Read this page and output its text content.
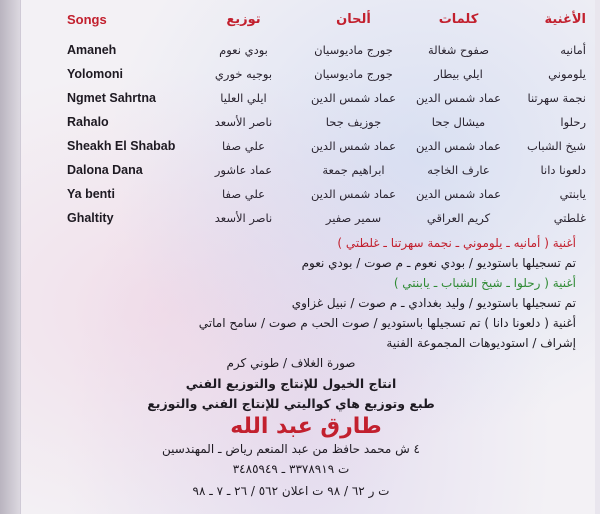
Songs	توزيع	ألحان	كلمات	الأغنية
Amaneh	بودي نعوم	جورج ماديوسيان	صفوح شغالة	أمانيه
Yolomoni	بوجيه خوري	جورج ماديوسيان	ايلي بيطار	يلوموني
Ngmet Sahrtna	ايلي العليا	عماد شمس الدين	عماد شمس الدين	نجمة سهرتنا
Rahalo	ناصر الأسعد	جوزيف جحا	ميشال جحا	رحلوا
Sheakh El Shabab	علي صفا	عماد شمس الدين	عماد شمس الدين	شيخ الشباب
Dalona Dana	عماد عاشور	ابراهيم جمعة	عارف الخاجه	دلعونا دانا
Ya benti	علي صفا	عماد شمس الدين	عماد شمس الدين	يابنتي
Ghaltity	ناصر الأسعد	سمير صفير	كريم العراقي	غلطتي
أغنية ( أمانيه ـ يلوموني ـ نجمة سهرتنا ـ غلطتي )
تم تسجيلها باستوديو / بودي نعوم ـ م صوت / بودي نعوم
أغنية ( رحلوا ـ شيخ الشباب ـ يابنتي )
تم تسجيلها باستوديو / وليد بغدادي ـ م صوت / نبيل غزاوي
أغنية ( دلعونا دانا ) تم تسجيلها باستوديو / صوت الحب م صوت / سامح اماتي
إشراف / استوديوهات المجموعة الفنية
صورة الغلاف / طوني كرم
انتاج الخيول للإنتاج والتوزيع الفني
طبع وتوزيع هاي كواليتي للإنتاج الفني والتوزيع
طارق عبد الله
٤ ش محمد حافظ من عبد المنعم رياض ـ المهندسين
ت ٣٣٧٨٩١٩ ـ ٣٤٨٥٩٤٩
ت ر ٦٢ / ٩٨ ت اعلان ٥٦٢ / ٢٦ ـ ٧ ـ ٩٨
